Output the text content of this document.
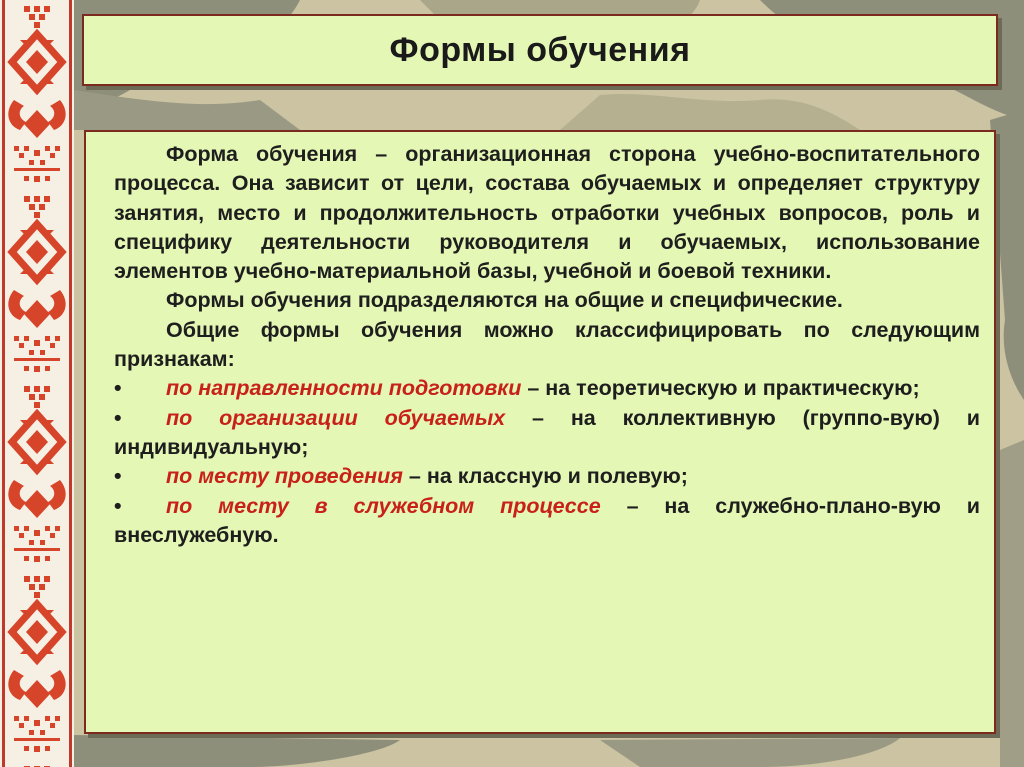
Формы обучения

Форма обучения – организационная сторона учебно-воспитательного процесса. Она зависит от цели, состава обучаемых и определяет структуру занятия, место и продолжительность отработки учебных вопросов, роль и специфику деятельности руководителя и обучаемых, использование элементов учебно-материальной базы, учебной и боевой техники.

Формы обучения подразделяются на общие и специфические.

Общие формы обучения можно классифицировать по следующим признакам:

• по направленности подготовки – на теоретическую и практическую;

• по организации обучаемых – на коллективную (группо-вую) и индивидуальную;

• по месту проведения – на классную и полевую;

• по месту в служебном процессе – на служебно-плано-вую и внеслужебную.
